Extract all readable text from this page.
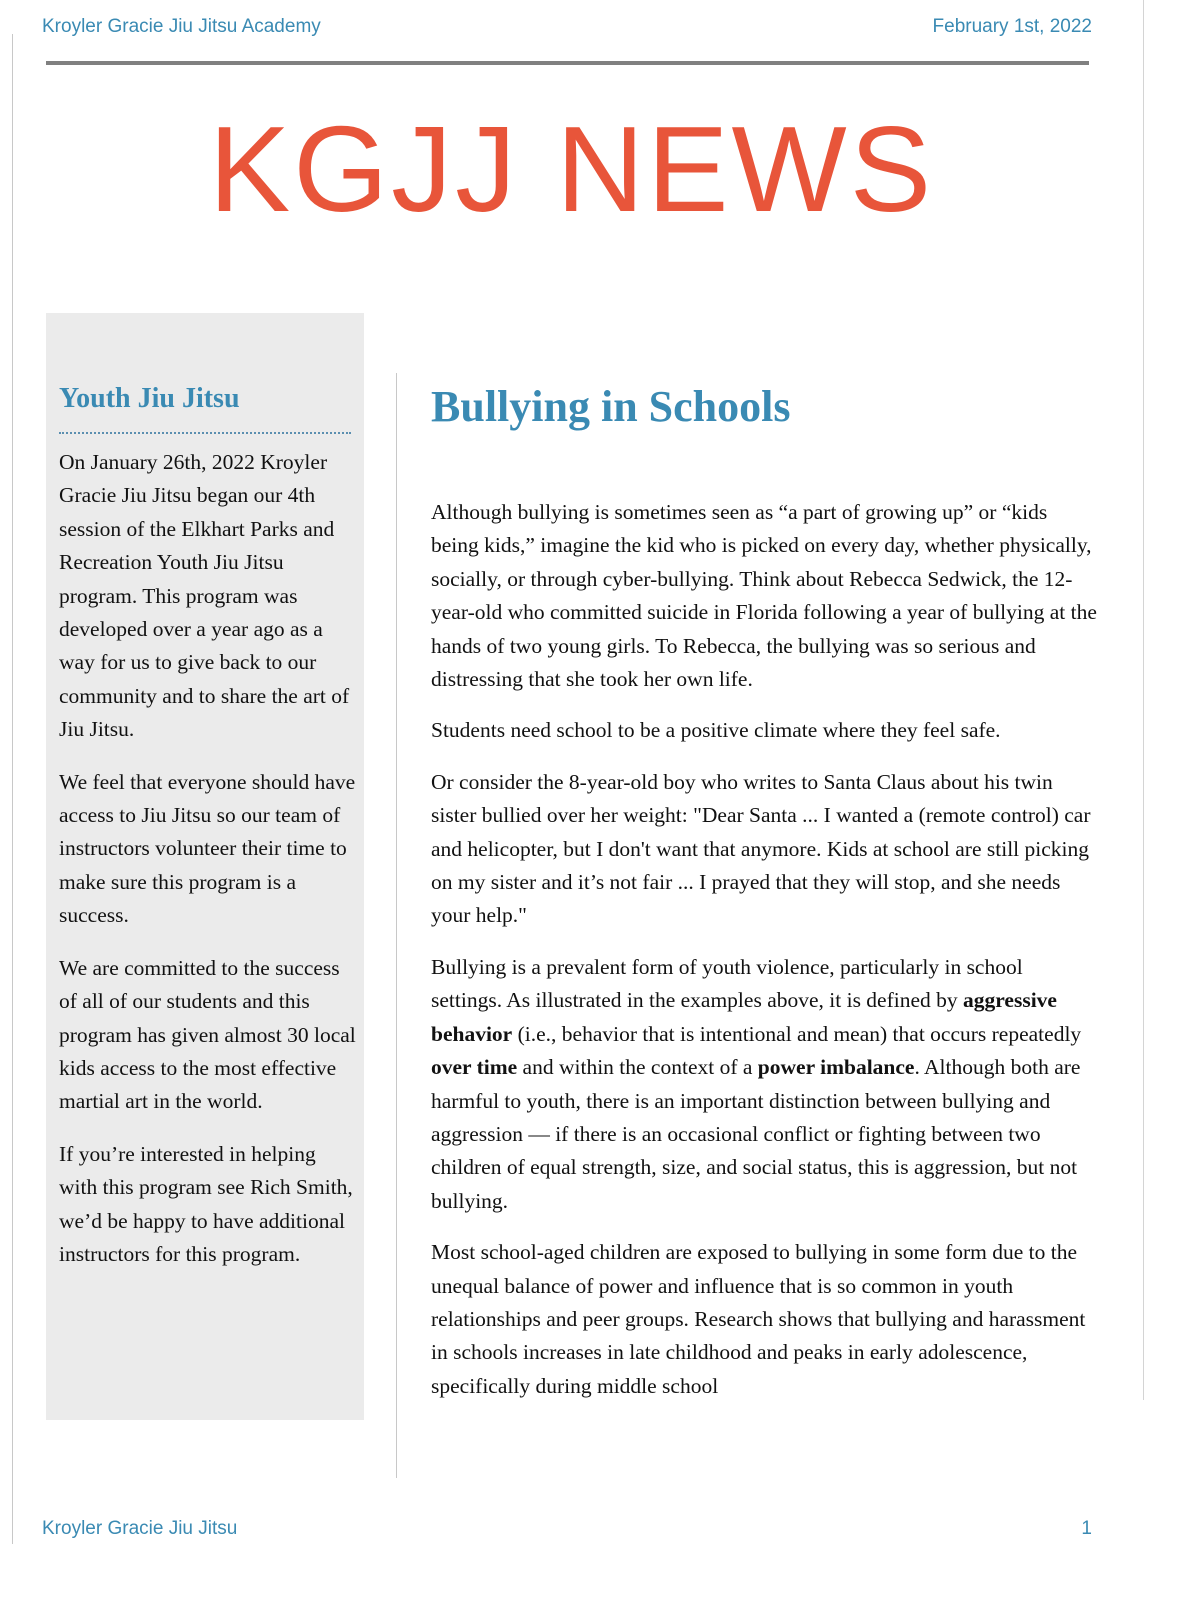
Kroyler Gracie Jiu Jitsu Academy	February 1st, 2022
KGJJ NEWS
Youth Jiu Jitsu

On January 26th, 2022 Kroyler Gracie Jiu Jitsu began our 4th session of the Elkhart Parks and Recreation Youth Jiu Jitsu program. This program was developed over a year ago as a way for us to give back to our community and to share the art of Jiu Jitsu.

We feel that everyone should have access to Jiu Jitsu so our team of instructors volunteer their time to make sure this program is a success.

We are committed to the success of all of our students and this program has given almost 30 local kids access to the most effective martial art in the world.

If you’re interested in helping with this program see Rich Smith, we’d be happy to have additional instructors for this program.

Bullying in Schools

Although bullying is sometimes seen as “a part of growing up” or “kids being kids,” imagine the kid who is picked on every day, whether physically, socially, or through cyber-bullying. Think about Rebecca Sedwick, the 12-year-old who committed suicide in Florida following a year of bullying at the hands of two young girls. To Rebecca, the bullying was so serious and distressing that she took her own life.

Students need school to be a positive climate where they feel safe.

Or consider the 8-year-old boy who writes to Santa Claus about his twin sister bullied over her weight: "Dear Santa ... I wanted a (remote control) car and helicopter, but I don't want that anymore. Kids at school are still picking on my sister and it’s not fair ... I prayed that they will stop, and she needs your help."

Bullying is a prevalent form of youth violence, particularly in school settings. As illustrated in the examples above, it is defined by aggressive behavior (i.e., behavior that is intentional and mean) that occurs repeatedly over time and within the context of a power imbalance. Although both are harmful to youth, there is an important distinction between bullying and aggression — if there is an occasional conflict or fighting between two children of equal strength, size, and social status, this is aggression, but not bullying.

Most school-aged children are exposed to bullying in some form due to the unequal balance of power and influence that is so common in youth relationships and peer groups. Research shows that bullying and harassment in schools increases in late childhood and peaks in early adolescence, specifically during middle school

Kroyler Gracie Jiu Jitsu	1
